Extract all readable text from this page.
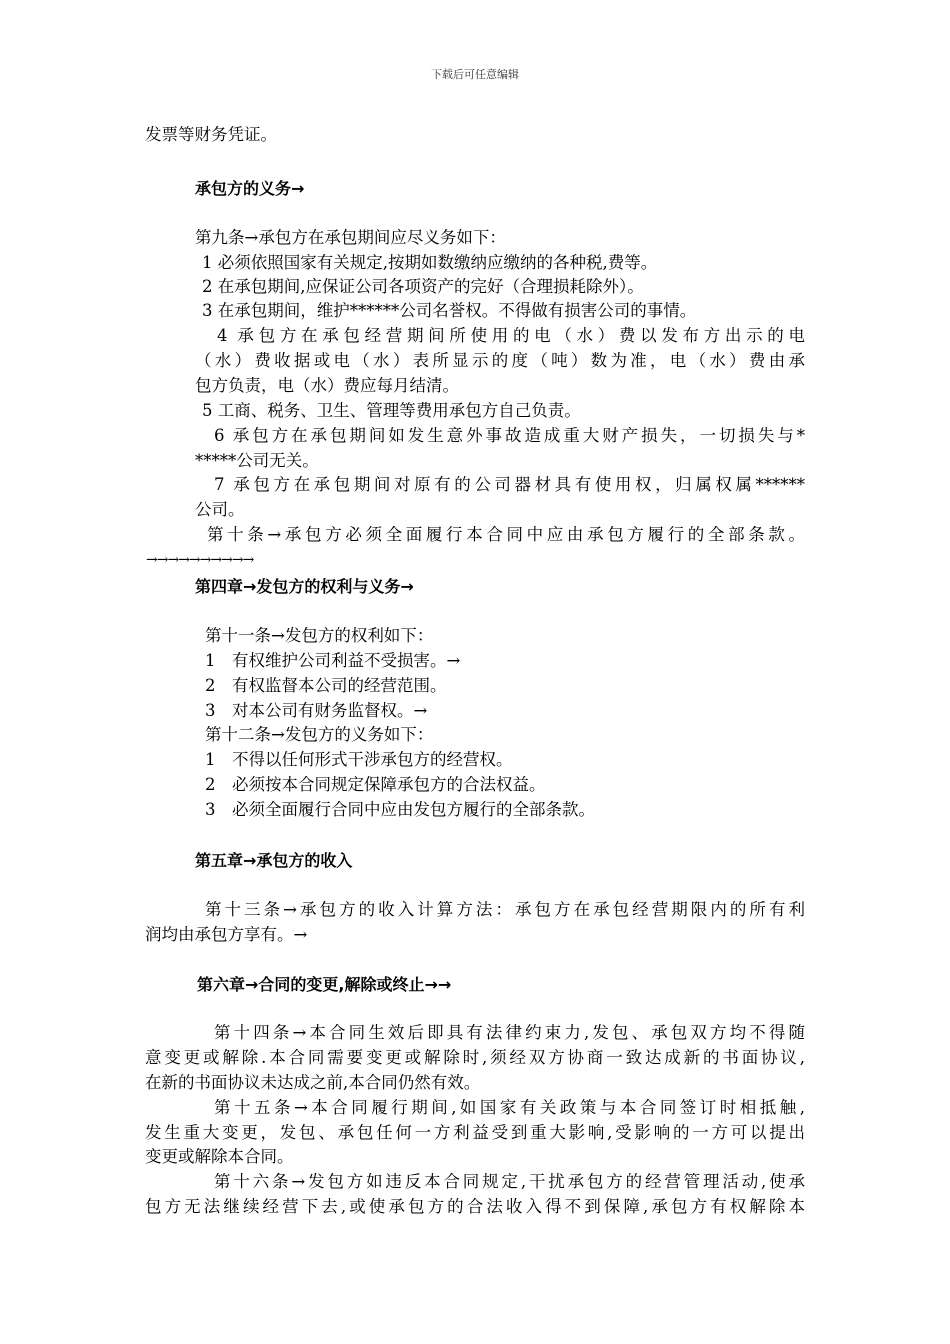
下载后可任意编辑
发票等财务凭证。
承包方的义务→
第九条→承包方在承包期间应尽义务如下：
1 必须依照国家有关规定,按期如数缴纳应缴纳的各种税,费等。
2 在承包期间,应保证公司各项资产的完好（合理损耗除外）。
3 在承包期间，维护******公司名誉权。不得做有损害公司的事情。
4 承包方在承包经营期间所使用的电（水）费以发布方出示的电
（水）费收据或电（水）表所显示的度（吨）数为准，电（水）费由承
包方负责，电（水）费应每月结清。
5 工商、税务、卫生、管理等费用承包方自己负责。
6 承包方在承包期间如发生意外事故造成重大财产损失，一切损失与*
*****公司无关。
7 承包方在承包期间对原有的公司器材具有使用权，归属权属******
公司。
第十条→承包方必须全面履行本合同中应由承包方履行的全部条款。
→→→→→→→→→→
第四章→发包方的权利与义务→
第十一条→发包方的权利如下：
1　有权维护公司利益不受损害。→
2　有权监督本公司的经营范围。
3　对本公司有财务监督权。→
第十二条→发包方的义务如下：
1　不得以任何形式干涉承包方的经营权。
2　必须按本合同规定保障承包方的合法权益。
3　必须全面履行合同中应由发包方履行的全部条款。
第五章→承包方的收入
第十三条→承包方的收入计算方法：承包方在承包经营期限内的所有利
润均由承包方享有。→
第六章→合同的变更,解除或终止→→
第十四条→本合同生效后即具有法律约束力,发包、承包双方均不得随
意变更或解除.本合同需要变更或解除时,须经双方协商一致达成新的书面协议,
在新的书面协议未达成之前,本合同仍然有效。
第十五条→本合同履行期间,如国家有关政策与本合同签订时相抵触,
发生重大变更，发包、承包任何一方利益受到重大影响,受影响的一方可以提出
变更或解除本合同。
第十六条→发包方如违反本合同规定,干扰承包方的经营管理活动,使承
包方无法继续经营下去,或使承包方的合法收入得不到保障,承包方有权解除本
